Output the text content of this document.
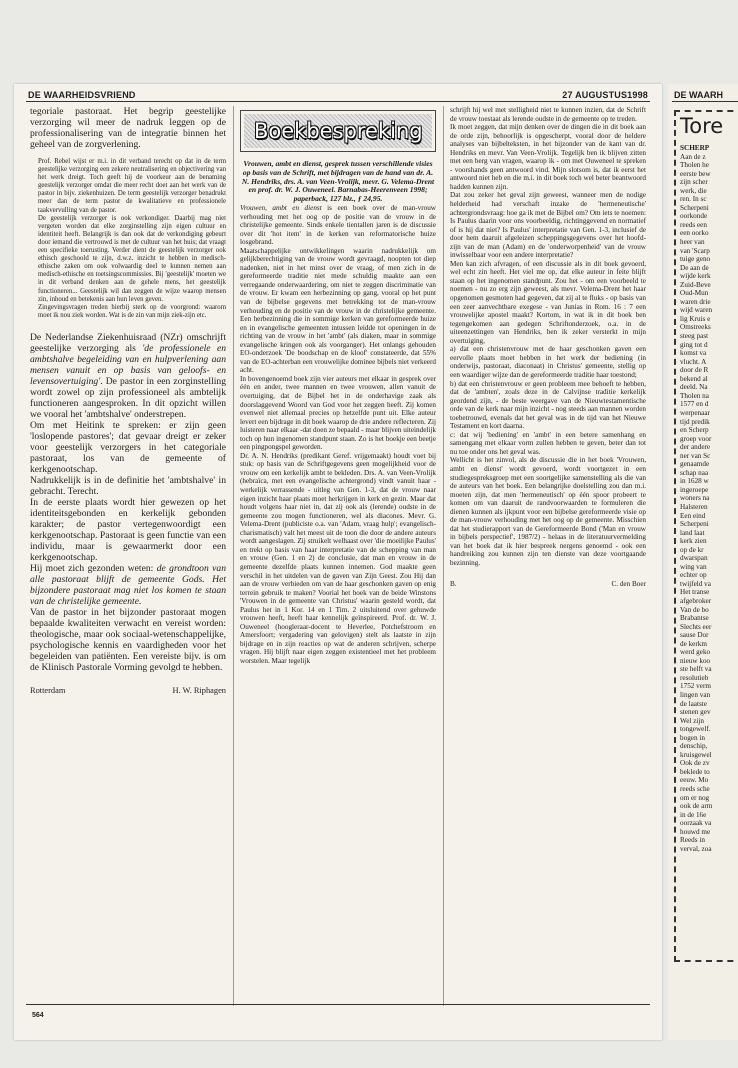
DE WAARHEIDSVRIEND	27 AUGUSTUS1998

tegoriale pastoraat. Het begrip geestelijke verzorging wil meer de nadruk leggen op de professionalisering van de integratie binnen het geheel van de zorgverlening.

Prof. Rebel wijst er m.i. in dit verband terecht op dat in de term geestelijke verzorging een zekere neutralisering en objectivering van het werk dreigt. Toch geeft hij de voorkeur aan de benaming geestelijk verzorger omdat die meer recht doet aan het werk van de pastor in bijv. ziekenhuizen. De term geestelijk verzorger benadrukt meer dan de term pastor de kwalitatieve en professionele taakvervulling van de pastor.

De geestelijk verzorger is ook verkondiger. Daarbij mag niet vergeten worden dat elke zorginstelling zijn eigen cultuur en identiteit heeft. Belangrijk is dan ook dat de verkondiging gebeurt door iemand die vertrouwd is met de cultuur van het huis; dat vraagt een specifieke toerusting. Verder dient de geestelijk verzorger ook ethisch geschoold te zijn, d.w.z. inzicht te hebben in medisch-ethische zaken om ook volwaardig deel te kunnen nemen aan medisch-ethische en toetsingscommissies. Bij 'geestelijk' moeten we in dit verband denken aan de gehele mens, het geestelijk functioneren... Geestelijk wil dan zeggen de wijze waarop mensen zin, inhoud en betekenis aan hun leven geven.

Zingevingsvragen treden hierbij sterk op de voorgrond: waarom moet ik nou ziek worden. Wat is de zin van mijn ziek-zijn etc.

De Nederlandse Ziekenhuisraad (NZr) omschrijft geestelijke verzorging als 'de professionele en ambtshalve begeleiding van en hulpverlening aan mensen vanuit en op basis van geloofs- en levensovertuiging'. De pastor in een zorginstelling wordt zowel op zijn professioneel als ambtelijk functioneren aangesproken. In dit opzicht willen we vooral het 'ambtshalve' onderstrepen.

Om met Heitink te spreken: er zijn geen 'loslopende pastores'; dat gevaar dreigt er zeker voor geestelijk verzorgers in het categoriale pastoraat, los van de gemeente of kerkgenootschap.

Nadrukkelijk is in de definitie het 'ambtshalve' in gebracht. Terecht.

In de eerste plaats wordt hier gewezen op het identiteitsgebonden en kerkelijk gebonden karakter; de pastor vertegenwoordigt een kerkgenootschap. Pastoraat is geen functie van een individu, maar is gewaarmerkt door een kerkgenootschap.

Hij moet zich gezonden weten: de grondtoon van alle pastoraat blijft de gemeente Gods. Het bijzondere pastoraat mag niet los komen te staan van de christelijke gemeente.

Van de pastor in het bijzonder pastoraat mogen bepaalde kwaliteiten verwacht en vereist worden: theologische, maar ook sociaal-wetenschappelijke, psychologische kennis en vaardigheden voor het begeleiden van patiënten. Een vereiste bijv. is om de Klinisch Pastorale Vorming gevolgd te hebben.

Rotterdam	H. W. Riphagen
Boekbespreking

Vrouwen, ambt en dienst, gesprek tussen verschillende visies op basis van de Schrift, met bijdragen van de hand van dr. A. N. Hendriks, drs. A. van Veen-Vrolijk, mevr. G. Velema-Drent en prof. dr. W. J. Ouweneel. Barnabas-Heerenveen 1998; paperback, 127 blz., ƒ 24,95.

Vrouwen, ambt en dienst is een boek over de man-vrouw verhouding met het oog op de positie van de vrouw in de christelijke gemeente. Sinds enkele tientallen jaren is de discussie over dit 'hot item' in de kerken van reformatorische huize losgebrand.

Maatschappelijke ontwikkelingen waarin nadrukkelijk om gelijkberechtiging van de vrouw wordt gevraagd, noopten tot diep nadenken, niet in het minst over de vraag, of men zich in de gereformeerde traditie niet mede schuldig maakte aan een verregaande onderwaardering, om niet te zeggen discriminatie van de vrouw. Er kwam een herbezinning op gang, vooral op het punt van de bijbelse gegevens met betrekking tot de man-vrouw verhouding en de positie van de vrouw in de christelijke gemeente. Een herbezinning die in sommige kerken van gereformeerde huize en in evangelische gemeenten intussen leidde tot openingen in de richting van de vrouw in het 'ambt' (als diaken, maar in sommige evangelische kringen ook als voorganger). Het onlangs gehouden EO-onderzoek 'De boodschap en de kloof' constateerde, dat 55% van de EO-achterban een vrouwelijke dominee bijbels niet verkeerd acht.

In bovengenoemd boek zijn vier auteurs met elkaar in gesprek over één en ander, twee mannen en twee vrouwen, allen vanuit de overtuiging, dat de Bijbel het in de onderhavige zaak als doorslaggevend Woord van God voor het zeggen heeft. Zij komen evenwel niet allemaal precies op hetzelfde punt uit. Elke auteur levert een bijdrage in dit boek waarop de drie andere reflecteren. Zij luisteren naar elkaar -dat doen ze bepaald - maar blijven uiteindelijk toch op hun ingenomen standpunt staan. Zo is het boekje een beetje een pingpongspel geworden.

Dr. A. N. Hendriks (predikant Geref. vrijgemaakt) houdt voet bij stuk: op basis van de Schriftgegevens geen mogelijkheid voor de vrouw om een kerkelijk ambt te bekleden. Drs. A. van Veen-Vrolijk (hebraïca, met een evangelische achtergrond) vindt vanuit haar - werkelijk verrassende - uitleg van Gen. 1-3, dat de vrouw naar eigen inzicht haar plaats moet herkrijgen in kerk en gezin. Maar dat houdt volgens haar niet in, dat zij ook als (lerende) oudste in de gemeente zou mogen functioneren, wel als diacones. Mevr. G. Velema-Drent (publiciste o.a. van 'Adam, vraag hulp'; evangelisch-charismatisch) valt het meest uit de toon die door de andere auteurs wordt aangeslagen. Zij struikelt welhaast over 'die moeilijke Paulus' en trekt op basis van haar interpretatie van de schepping van man en vrouw (Gen. 1 en 2) de conclusie, dat man en vrouw in de gemeente dezelfde plaats kunnen innemen. God maakte geen verschil in het uitdelen van de gaven van Zijn Geest. Zou Hij dan aan de vrouw verbieden om van de haar geschonken gaven op enig terrein gebruik te maken? Voorial het boek van de beide Winstons 'Vrouwen in de gemeente van Christus' waarin gesteld wordt, dat Paulus het in 1 Kor. 14 en 1 Tim. 2 uitsluitend over gehuwde vrouwen heeft, heeft haar kennelijk geïnspireerd. Prof. dr. W. J. Ouweneel (hoogleraar-docent te Heverlee, Potchefstroom en Amersfoort; vergadering van gelovigen) stelt als laatste in zijn bijdrage en in zijn reacties op wat de anderen schrijven, scherpe vragen. Hij blijft naar eigen zeggen existentieel met het probleem worstelen. Maar tegelijk

schrijft hij wel met stelligheid niet te kunnen inzien, dat de Schrift de vrouw toestaat als lerende oudste in de gemeente op te treden.

Ik moet zeggen, dat mijn denken over de dingen die in dit boek aan de orde zijn, behoorlijk is opgescherpt, vooral door de heldere analyses van bijbelteksten, in het bijzonder van de kant van dr. Hendriks en mevr. Van Veen-Vrolijk. Tegelijk ben ik blijven zitten met een berg van vragen, waarop ik - om met Ouweneel te spreken - voorshands geen antwoord vind. Mijn slotsom is, dat ik eerst het antwoord niet heb en die m.i. in dit boek toch wel beter beantwoord hadden kunnen zijn.

Dat zou zeker het geval zijn geweest, wanneer men de nodige helderheid had verschaft inzake de 'hermeneutische' achtergrondsvraag: hoe ga ik met de Bijbel om? Om iets te noemen: Is Paulus daarin voor ons voorbeeldig, richtinggevend en normatief of is hij dat niet? Is Paulus' interpretatie van Gen. 1-3, inclusief de door hem daaruit afgeleizen scheppingsgegevens over het hoofd-zijn van de man (Adam) en de 'onderworpenheid' van de vrouw inwisselbaar voor een andere interpretatie?

Men kan zich afvragen, of een discussie als in dit boek gevoerd, wel echt zin heeft. Het viel me op, dat elke auteur in feite blijft staan op het ingenomen standpunt. Zou het - om een voorbeeld te noemen - nu zo erg zijn geweest, als mevr. Velema-Drent het haar opgenomen gesmoten had gegeven, dat zij al te fluks - op basis van een zeer aanvechtbare exegese - van Junias in Rom. 16 : 7 een vrouwelijke apostel maakt? Kortom, in wat ik in dit boek ben tegengekomen aan gedegen Schriftonderzoek, o.a. in de uiteenzettingen van Hendriks, ben ik zeker versterkt in mijn overtuiging,

a) dat een christenvrouw met de haar geschonken gaven een eervolle plaats moet hebben in het werk der bediening (in onderwijs, pastoraat, diaconaat) in Christus' gemeente, stellig op een waardiger wijze dan de gereformeerde traditie haar toestond;

b) dat een christenvrouw er geen probleem mee behoeft te hebben, dat de 'ambten', zoals deze in de Calvijnse traditie kerkelijk geordend zijn, - de beste weergave van de Nieuwtestamentische orde van de kerk naar mijn inzicht - nog steeds aan mannen worden toebetrouwd, evenals dat het geval was in de tijd van het Nieuwe Testament en kort daarna.

c: dat wij 'bediening' en 'ambt' in een betere samenhang en samengang met elkaar vorm zullen hebben te geven, beter dan tot nu toe onder ons het geval was.

Wellicht is het zinvol, als de discussie die in het boek 'Vrouwen, ambt en dienst' wordt gevoerd, wordt voortgezet in een studiegespreksgroep met een soortgelijke samenstelling als die van de auteurs van het boek. Een belangrijke doelstelling zou dan m.i. moeten zijn, dat men 'hermeneutisch' op één spoor probeert te komen om van daaruit de randvoorwaarden te formuleren die dienen kunnen als ijkpunt voor een bijbelse gereformeerde visie op de man-vrouw verhouding met het oog op de gemeente. Misschien dat het studierapport van de Gereformeerde Bond ('Man en vrouw in bijbels perspectief', 1987/2) - helaas in de literatuurvermelding van het boek dat ik hier bespreek nergens genoemd - ook een handreiking zou kunnen zijn ten dienste van deze voortgaande bezinning.

B.	C. den Boer
564
DE WAARH
Tore
SCHERP
Aan de z
Tholen he
eerste bew
zijn scher
werk, die
ren. In sc
Scherpeni
oorkonde
reeds een
een oorko
heer van
van 'Scarp
tuige geno
De aan de
wijde kerk
Zuid-Beve
Oud-Mun
waren drie
wijd waren
lig Kruis e
Omstreeks
steeg past
ging tot d
komst va
vlucht. A
door de R
bekend al
deeld. Na
Tholen na
1577 en d
werpenaar
tijd predik
en Scherp
groep voor
der andere
ner van Sc
genaamde
schap naa
in 1628 w
ingeroepe
woners na
Halsteren
Een eind
Scherpeni
land laat
kerk zien
op de kr
dwarspan
wing van
echter op
twijfeld va
Het transe
afgebroker
Van de bo
Brabantse
Slechts eer
sause Dor
de kerkm
werd geko
nieuw koo
ste helft va
resolutieb
1752 verm
lingen van
de laatste
stenen gev
Wel zijn
tongewelf.
bogen in
denschip,
kruisgewel
Ook de zv
beklede to
eeuw. Mo
reeds sche
om er nog
ook de arm
in de 16e
oorzaak va
houwd me
Reeds in
verval, zoa
